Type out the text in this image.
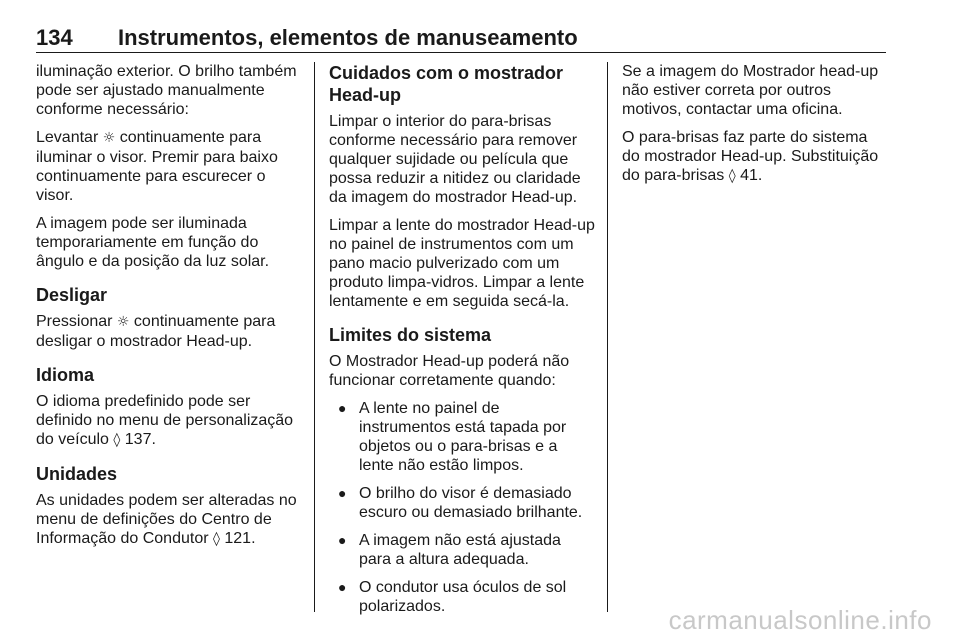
134 Instrumentos, elementos de manuseamento

iluminação exterior. O brilho também pode ser ajustado manualmente conforme necessário:

Levantar ☼ continuamente para iluminar o visor. Premir para baixo continuamente para escurecer o visor.

A imagem pode ser iluminada temporariamente em função do ângulo e da posição da luz solar.

Desligar

Pressionar ☼ continuamente para desligar o mostrador Head-up.

Idioma

O idioma predefinido pode ser definido no menu de personalização do veículo ◊ 137.

Unidades

As unidades podem ser alteradas no menu de definições do Centro de Informação do Condutor ◊ 121.

Cuidados com o mostrador Head-up

Limpar o interior do para-brisas conforme necessário para remover qualquer sujidade ou película que possa reduzir a nitidez ou claridade da imagem do mostrador Head-up.

Limpar a lente do mostrador Head-up no painel de instrumentos com um pano macio pulverizado com um produto limpa-vidros. Limpar a lente lentamente e em seguida secá-la.

Limites do sistema

O Mostrador Head-up poderá não funcionar corretamente quando:

● A lente no painel de instrumentos está tapada por objetos ou o para-brisas e a lente não estão limpos.
● O brilho do visor é demasiado escuro ou demasiado brilhante.
● A imagem não está ajustada para a altura adequada.
● O condutor usa óculos de sol polarizados.

Se a imagem do Mostrador head-up não estiver correta por outros motivos, contactar uma oficina.

O para-brisas faz parte do sistema do mostrador Head-up. Substituição do para-brisas ◊ 41.

carmanualsonline.info
